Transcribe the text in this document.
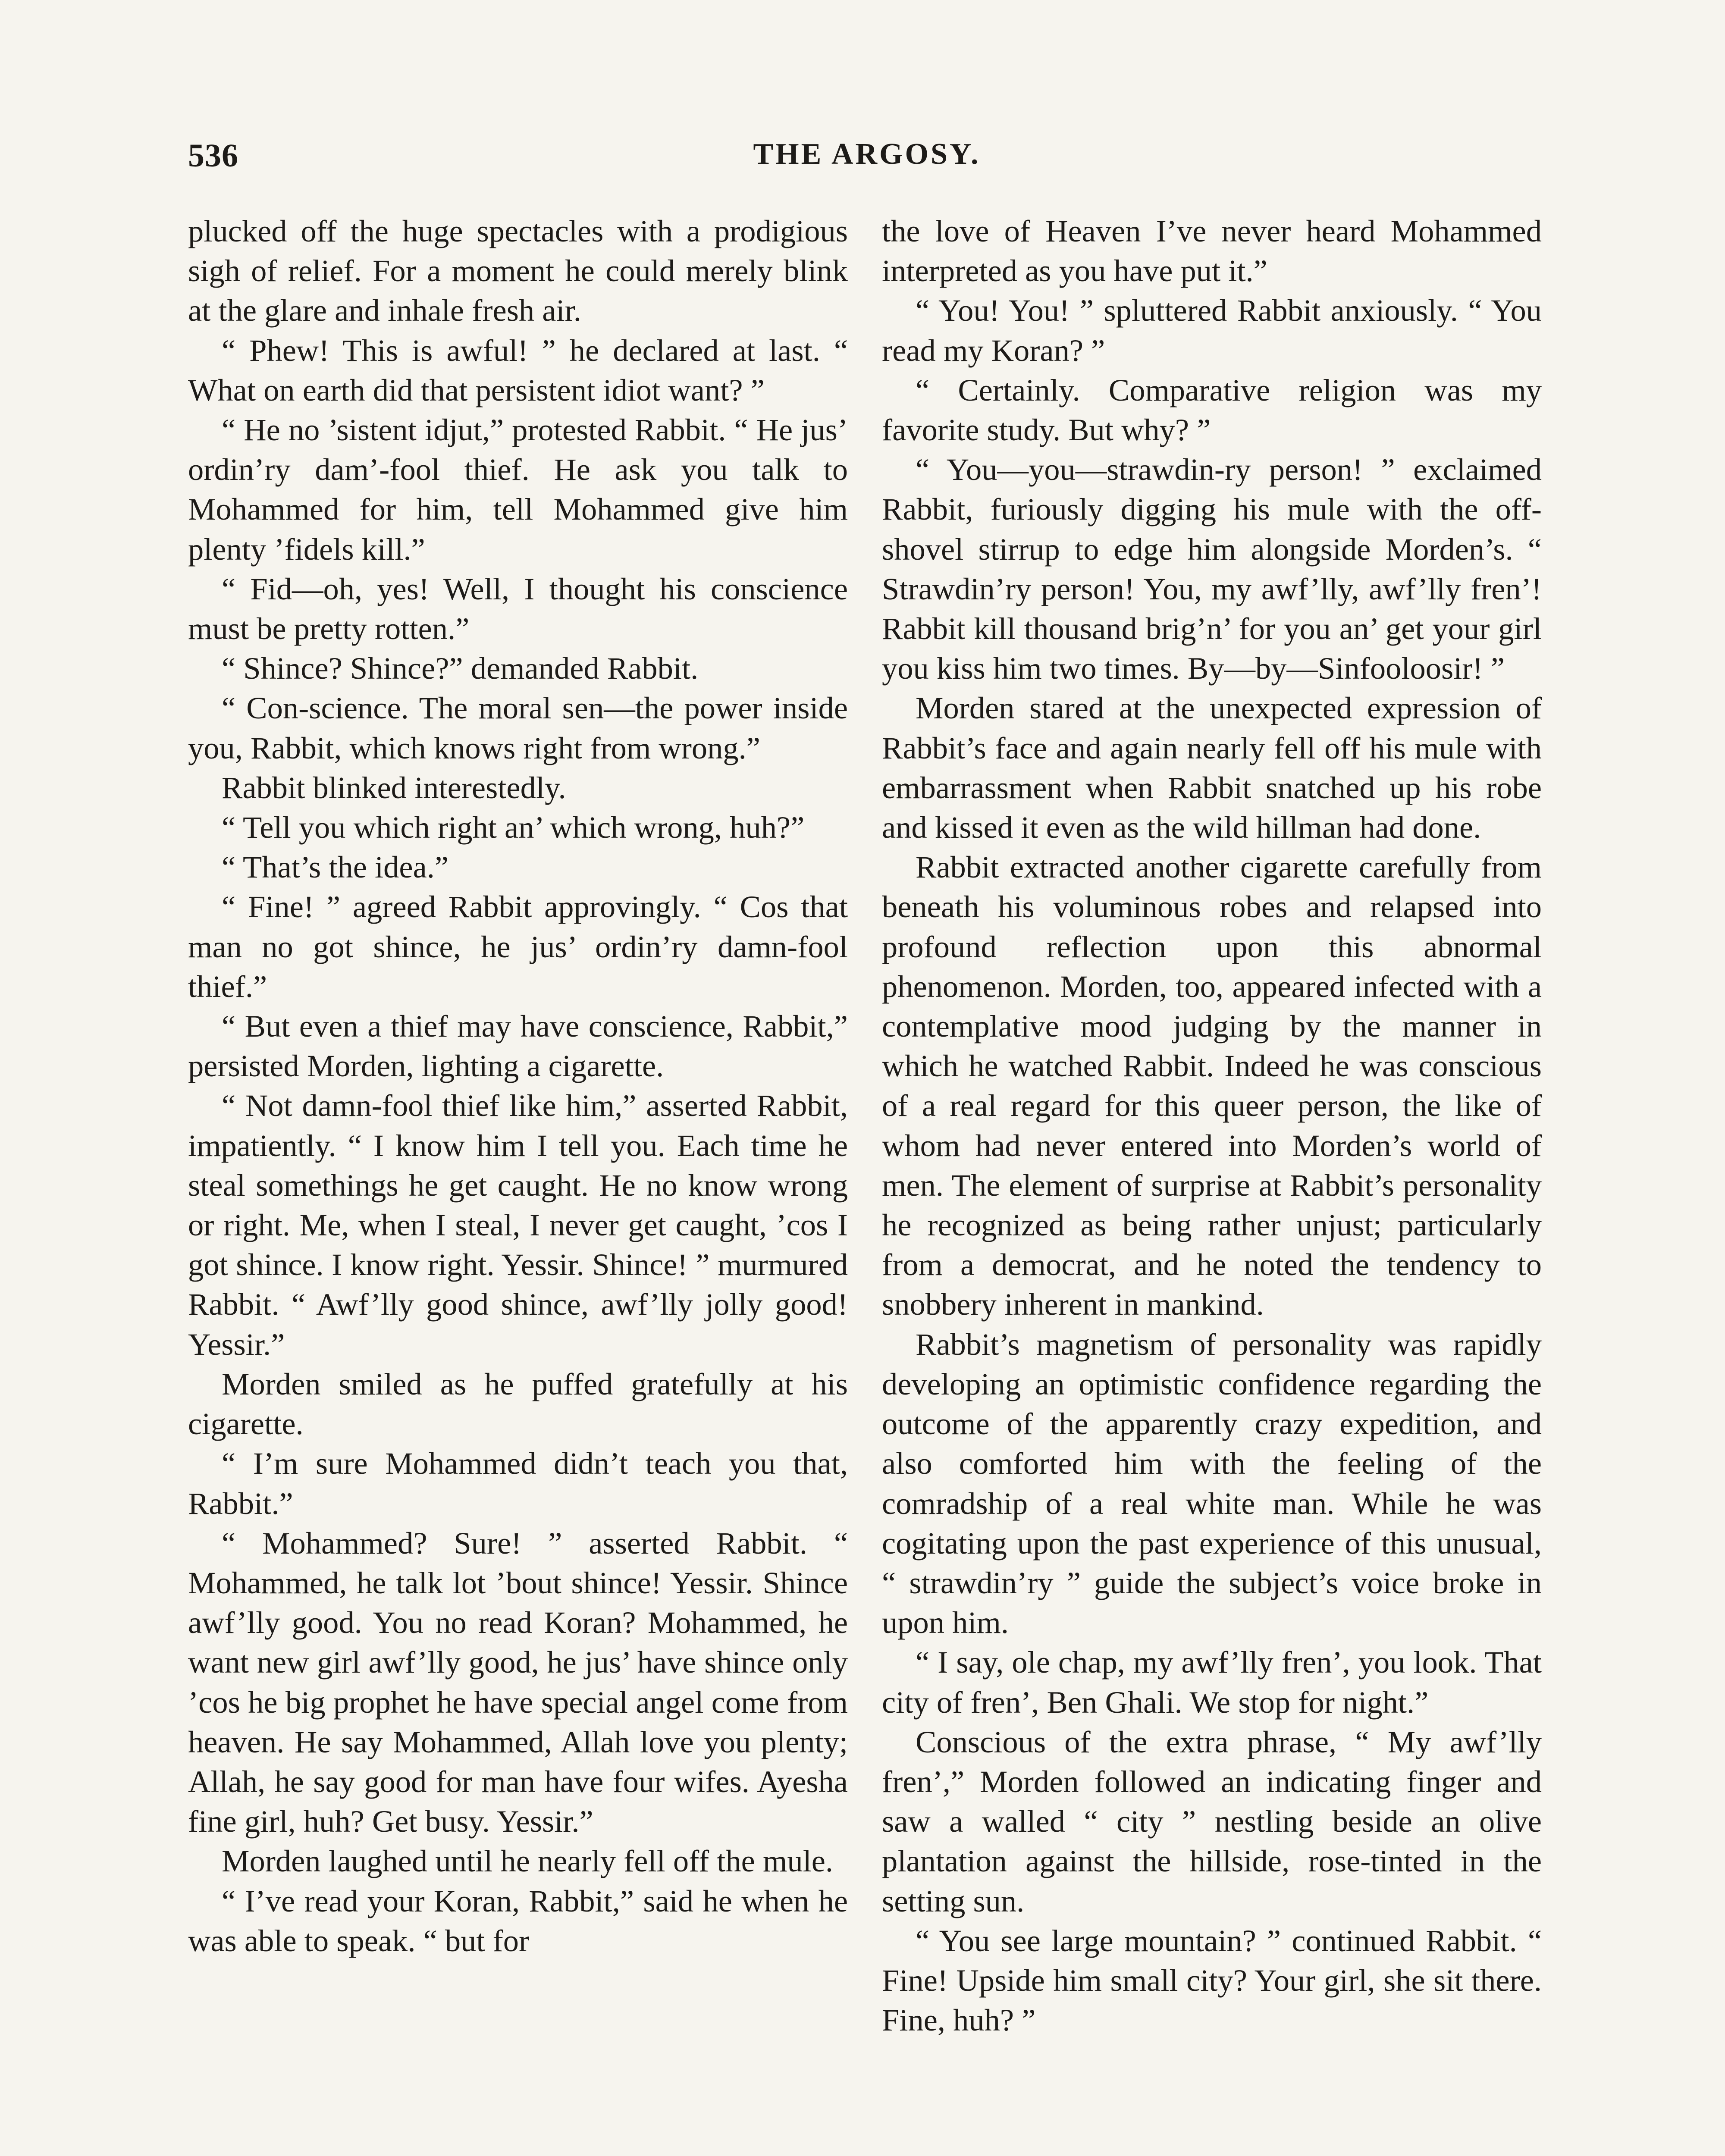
536	THE ARGOSY.

plucked off the huge spectacles with a prodigious sigh of relief. For a moment he could merely blink at the glare and inhale fresh air.

“ Phew! This is awful! ” he declared at last. “ What on earth did that persistent idiot want? ”

“ He no ’sistent idjut,” protested Rabbit. “ He jus’ ordin’ry dam’-fool thief. He ask you talk to Mohammed for him, tell Mohammed give him plenty ’fidels kill.”

“ Fid—oh, yes! Well, I thought his conscience must be pretty rotten.”

“ Shince? Shince?” demanded Rabbit.

“ Con-science. The moral sen—the power inside you, Rabbit, which knows right from wrong.”

Rabbit blinked interestedly.

“ Tell you which right an’ which wrong, huh?”

“ That’s the idea.”

“ Fine! ” agreed Rabbit approvingly. “ Cos that man no got shince, he jus’ ordin’ry damn-fool thief.”

“ But even a thief may have conscience, Rabbit,” persisted Morden, lighting a cigarette.

“ Not damn-fool thief like him,” asserted Rabbit, impatiently. “ I know him I tell you. Each time he steal somethings he get caught. He no know wrong or right. Me, when I steal, I never get caught, ’cos I got shince. I know right. Yessir. Shince! ” murmured Rabbit. “ Awf’lly good shince, awf’lly jolly good! Yessir.”

Morden smiled as he puffed gratefully at his cigarette.

“ I’m sure Mohammed didn’t teach you that, Rabbit.”

“ Mohammed? Sure! ” asserted Rabbit. “ Mohammed, he talk lot ’bout shince! Yessir. Shince awf’lly good. You no read Koran? Mohammed, he want new girl awf’lly good, he jus’ have shince only ’cos he big prophet he have special angel come from heaven. He say Mohammed, Allah love you plenty; Allah, he say good for man have four wifes. Ayesha fine girl, huh? Get busy. Yessir.”

Morden laughed until he nearly fell off the mule.

“ I’ve read your Koran, Rabbit,” said he when he was able to speak. “ but for

the love of Heaven I’ve never heard Mohammed interpreted as you have put it.”

“ You! You! ” spluttered Rabbit anxiously. “ You read my Koran? ”

“ Certainly. Comparative religion was my favorite study. But why? ”

“ You—you—strawdin-ry person! ” exclaimed Rabbit, furiously digging his mule with the off-shovel stirrup to edge him alongside Morden’s. “ Strawdin’ry person! You, my awf’lly, awf’lly fren’! Rabbit kill thousand brig’n’ for you an’ get your girl you kiss him two times. By—by—Sinfooloosir! ”

Morden stared at the unexpected expression of Rabbit’s face and again nearly fell off his mule with embarrassment when Rabbit snatched up his robe and kissed it even as the wild hillman had done.

Rabbit extracted another cigarette carefully from beneath his voluminous robes and relapsed into profound reflection upon this abnormal phenomenon. Morden, too, appeared infected with a contemplative mood judging by the manner in which he watched Rabbit. Indeed he was conscious of a real regard for this queer person, the like of whom had never entered into Morden’s world of men. The element of surprise at Rabbit’s personality he recognized as being rather unjust; particularly from a democrat, and he noted the tendency to snobbery inherent in mankind.

Rabbit’s magnetism of personality was rapidly developing an optimistic confidence regarding the outcome of the apparently crazy expedition, and also comforted him with the feeling of the comradship of a real white man. While he was cogitating upon the past experience of this unusual, “ strawdin’ry ” guide the subject’s voice broke in upon him.

“ I say, ole chap, my awf’lly fren’, you look. That city of fren’, Ben Ghali. We stop for night.”

Conscious of the extra phrase, “ My awf’lly fren’,” Morden followed an indicating finger and saw a walled “ city ” nestling beside an olive plantation against the hillside, rose-tinted in the setting sun.

“ You see large mountain? ” continued Rabbit. “ Fine! Upside him small city? Your girl, she sit there. Fine, huh? ”
